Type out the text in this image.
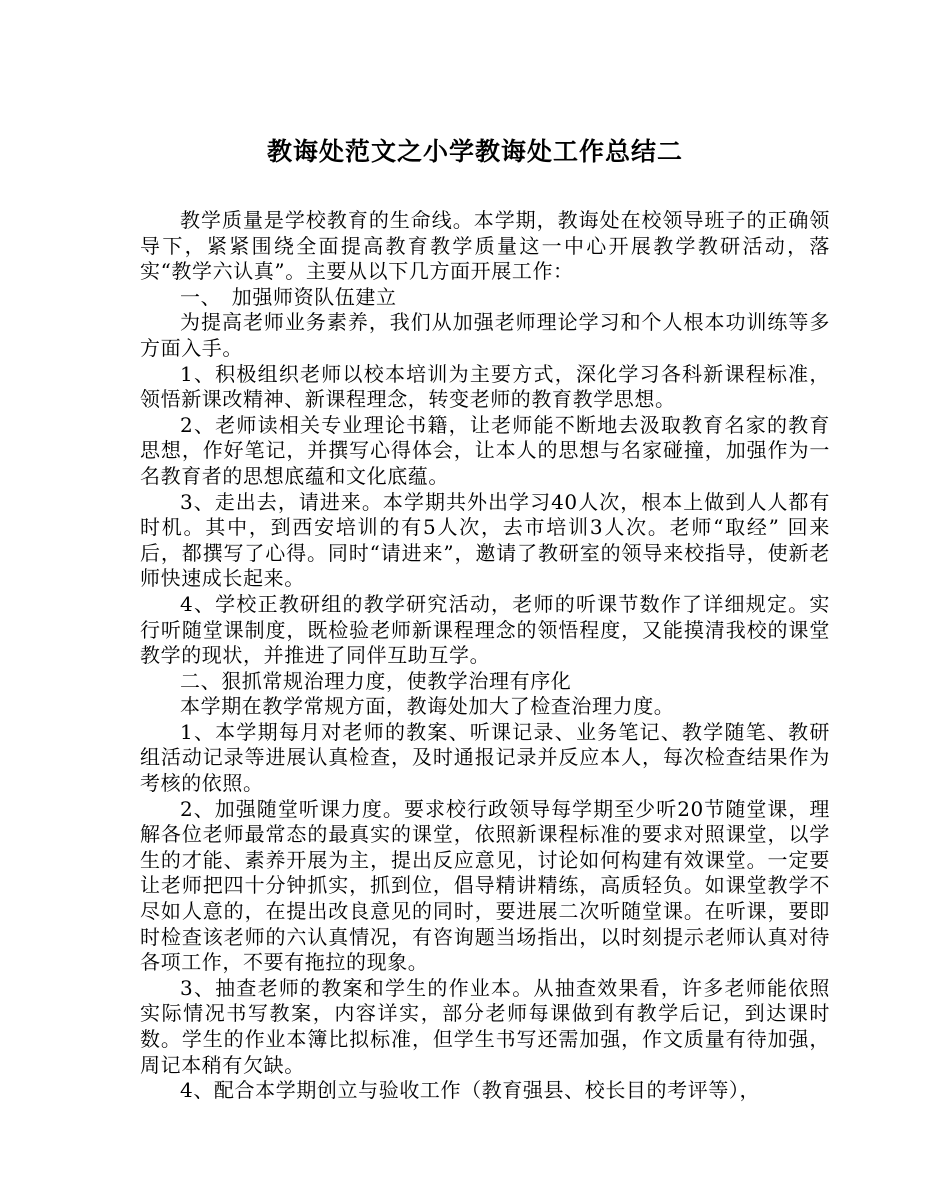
教诲处范文之小学教诲处工作总结二

教学质量是学校教育的生命线。本学期，教诲处在校领导班子的正确领导下，紧紧围绕全面提高教育教学质量这一中心开展教学教研活动，落实“教学六认真”。主要从以下几方面开展工作：

一、　加强师资队伍建立

为提高老师业务素养，我们从加强老师理论学习和个人根本功训练等多方面入手。

1、积极组织老师以校本培训为主要方式，深化学习各科新课程标准，领悟新课改精神、新课程理念，转变老师的教育教学思想。

2、老师读相关专业理论书籍，让老师能不断地去汲取教育名家的教育思想，作好笔记，并撰写心得体会，让本人的思想与名家碰撞，加强作为一名教育者的思想底蕴和文化底蕴。

3、走出去，请进来。本学期共外出学习40人次，根本上做到人人都有时机。其中，到西安培训的有5人次，去市培训3人次。老师“取经” 回来后，都撰写了心得。同时“请进来”，邀请了教研室的领导来校指导，使新老师快速成长起来。

4、学校正教研组的教学研究活动，老师的听课节数作了详细规定。实行听随堂课制度，既检验老师新课程理念的领悟程度，又能摸清我校的课堂教学的现状，并推进了同伴互助互学。

二、狠抓常规治理力度，使教学治理有序化

本学期在教学常规方面，教诲处加大了检查治理力度。

1、本学期每月对老师的教案、听课记录、业务笔记、教学随笔、教研组活动记录等进展认真检查，及时通报记录并反应本人，每次检查结果作为考核的依照。

2、加强随堂听课力度。要求校行政领导每学期至少听20节随堂课，理解各位老师最常态的最真实的课堂，依照新课程标准的要求对照课堂，以学生的才能、素养开展为主，提出反应意见，讨论如何构建有效课堂。一定要让老师把四十分钟抓实，抓到位，倡导精讲精练，高质轻负。如课堂教学不尽如人意的，在提出改良意见的同时，要进展二次听随堂课。在听课，要即时检查该老师的六认真情况，有咨询题当场指出，以时刻提示老师认真对待各项工作，不要有拖拉的现象。

3、抽查老师的教案和学生的作业本。从抽查效果看，许多老师能依照实际情况书写教案，内容详实，部分老师每课做到有教学后记，到达课时数。学生的作业本簿比拟标准，但学生书写还需加强，作文质量有待加强，周记本稍有欠缺。

4、配合本学期创立与验收工作（教育强县、校长目的考评等），
